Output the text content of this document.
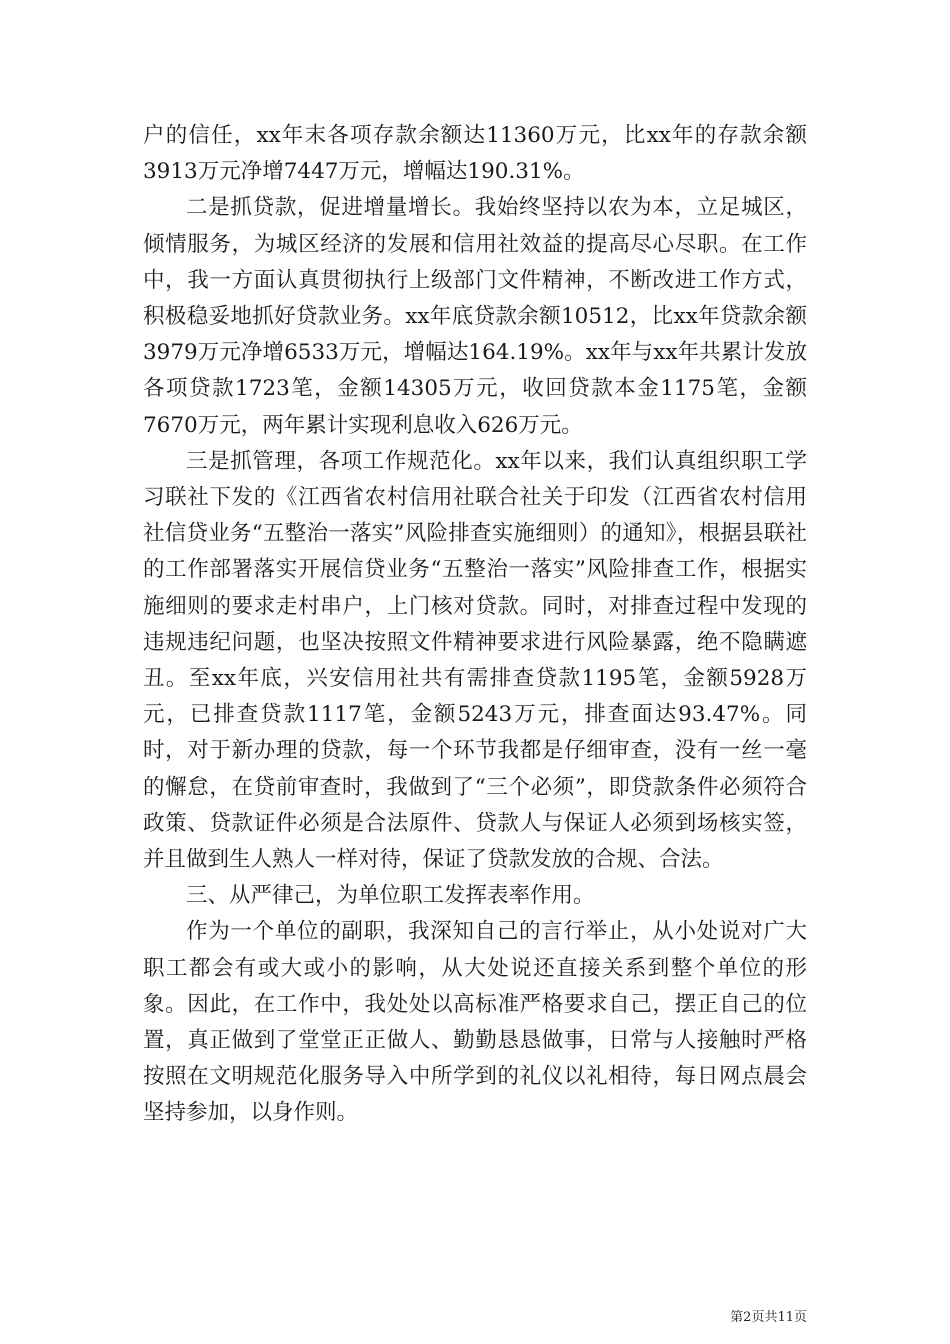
户的信任，xx年末各项存款余额达11360万元，比xx年的存款余额3913万元净增7447万元，增幅达190.31%。

二是抓贷款，促进增量增长。我始终坚持以农为本，立足城区，倾情服务，为城区经济的发展和信用社效益的提高尽心尽职。在工作中，我一方面认真贯彻执行上级部门文件精神，不断改进工作方式，积极稳妥地抓好贷款业务。xx年底贷款余额10512，比xx年贷款余额3979万元净增6533万元，增幅达164.19%。xx年与xx年共累计发放各项贷款1723笔，金额14305万元，收回贷款本金1175笔，金额7670万元，两年累计实现利息收入626万元。

三是抓管理，各项工作规范化。xx年以来，我们认真组织职工学习联社下发的《江西省农村信用社联合社关于印发（江西省农村信用社信贷业务“五整治一落实”风险排查实施细则）的通知》，根据县联社的工作部署落实开展信贷业务“五整治一落实”风险排查工作，根据实施细则的要求走村串户，上门核对贷款。同时，对排查过程中发现的违规违纪问题，也坚决按照文件精神要求进行风险暴露，绝不隐瞒遮丑。至xx年底，兴安信用社共有需排查贷款1195笔，金额5928万元，已排查贷款1117笔，金额5243万元，排查面达93.47%。同时，对于新办理的贷款，每一个环节我都是仔细审查，没有一丝一毫的懈怠，在贷前审查时，我做到了“三个必须”，即贷款条件必须符合政策、贷款证件必须是合法原件、贷款人与保证人必须到场核实签，并且做到生人熟人一样对待，保证了贷款发放的合规、合法。

三、从严律己，为单位职工发挥表率作用。

作为一个单位的副职，我深知自己的言行举止，从小处说对广大职工都会有或大或小的影响，从大处说还直接关系到整个单位的形象。因此，在工作中，我处处以高标准严格要求自己，摆正自己的位置，真正做到了堂堂正正做人、勤勤恳恳做事，日常与人接触时严格按照在文明规范化服务导入中所学到的礼仪以礼相待，每日网点晨会坚持参加，以身作则。

第2页共11页
